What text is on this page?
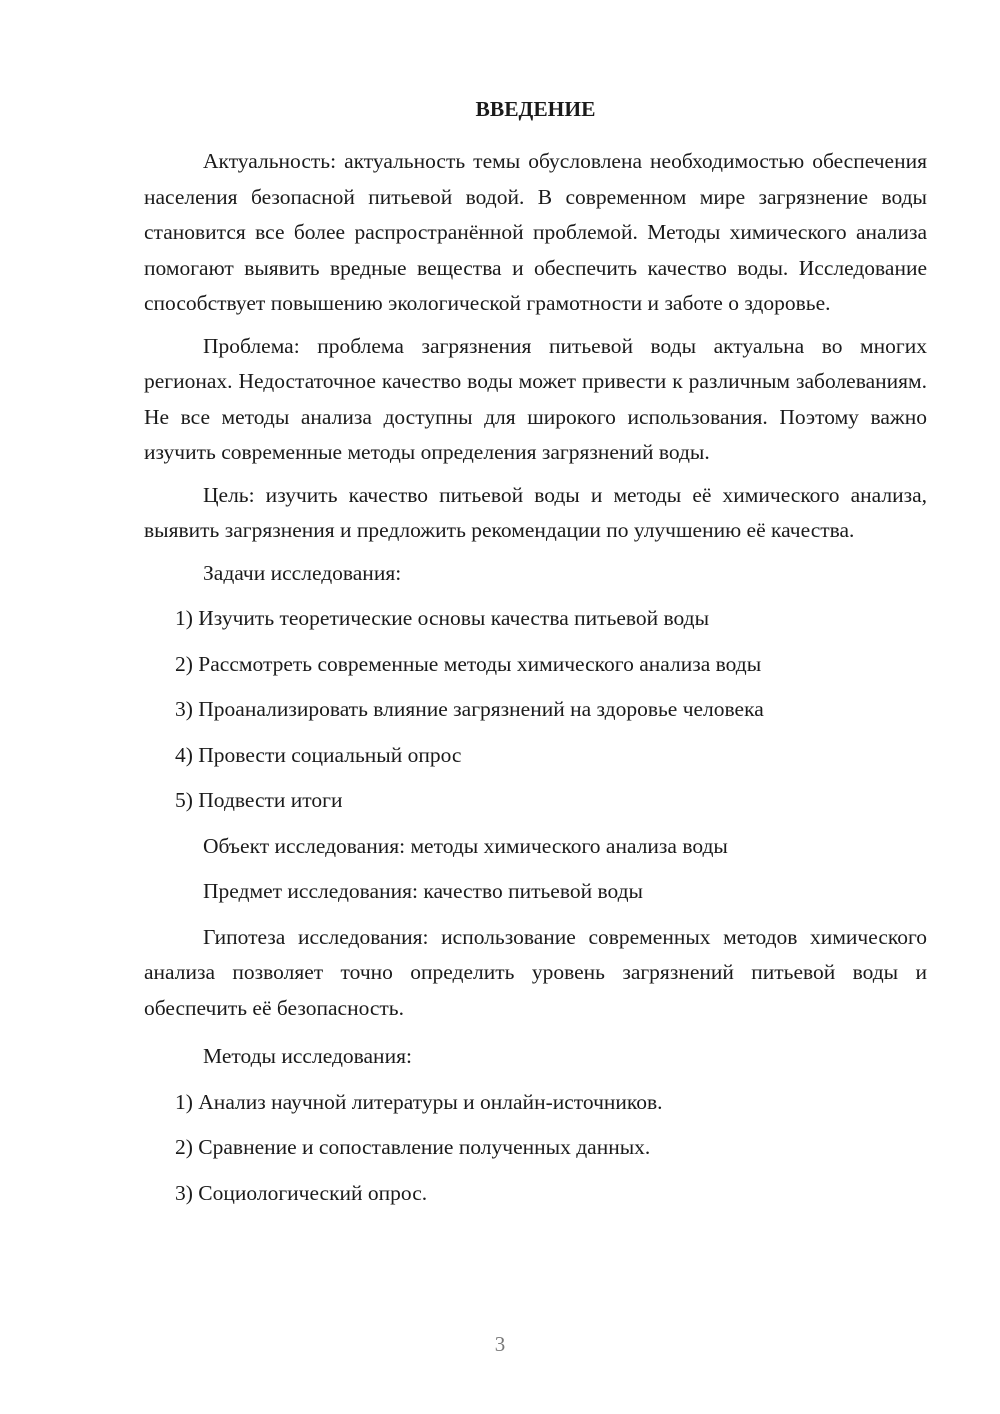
ВВЕДЕНИЕ

Актуальность: актуальность темы обусловлена необходимостью обеспечения населения безопасной питьевой водой. В современном мире загрязнение воды становится все более распространённой проблемой. Методы химического анализа помогают выявить вредные вещества и обеспечить качество воды. Исследование способствует повышению экологической грамотности и заботе о здоровье.

Проблема: проблема загрязнения питьевой воды актуальна во многих регионах. Недостаточное качество воды может привести к различным заболеваниям. Не все методы анализа доступны для широкого использования. Поэтому важно изучить современные методы определения загрязнений воды.

Цель: изучить качество питьевой воды и методы её химического анализа, выявить загрязнения и предложить рекомендации по улучшению её качества.

Задачи исследования:

1) Изучить теоретические основы качества питьевой воды
2) Рассмотреть современные методы химического анализа воды
3) Проанализировать влияние загрязнений на здоровье человека
4) Провести социальный опрос
5) Подвести итоги

Объект исследования: методы химического анализа воды

Предмет исследования: качество питьевой воды

Гипотеза исследования: использование современных методов химического анализа позволяет точно определить уровень загрязнений питьевой воды и обеспечить её безопасность.

Методы исследования:

1) Анализ научной литературы и онлайн-источников.
2) Сравнение и сопоставление полученных данных.
3) Социологический опрос.
3
